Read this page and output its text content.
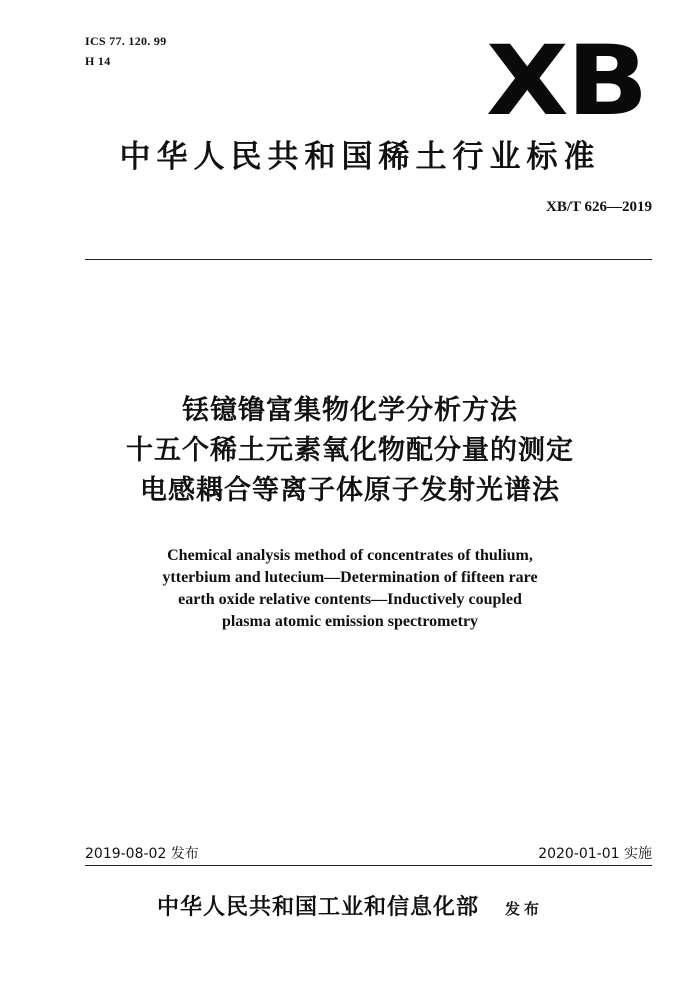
ICS 77. 120. 99
H 14	XB
中华人民共和国稀土行业标准
XB/T 626—2019
铥镱镥富集物化学分析方法
十五个稀土元素氧化物配分量的测定
电感耦合等离子体原子发射光谱法
Chemical analysis method of concentrates of thulium,
ytterbium and lutecium—Determination of fifteen rare
earth oxide relative contents—Inductively coupled
plasma atomic emission spectrometry
2019-08-02 发布	2020-01-01 实施
中华人民共和国工业和信息化部 发布
